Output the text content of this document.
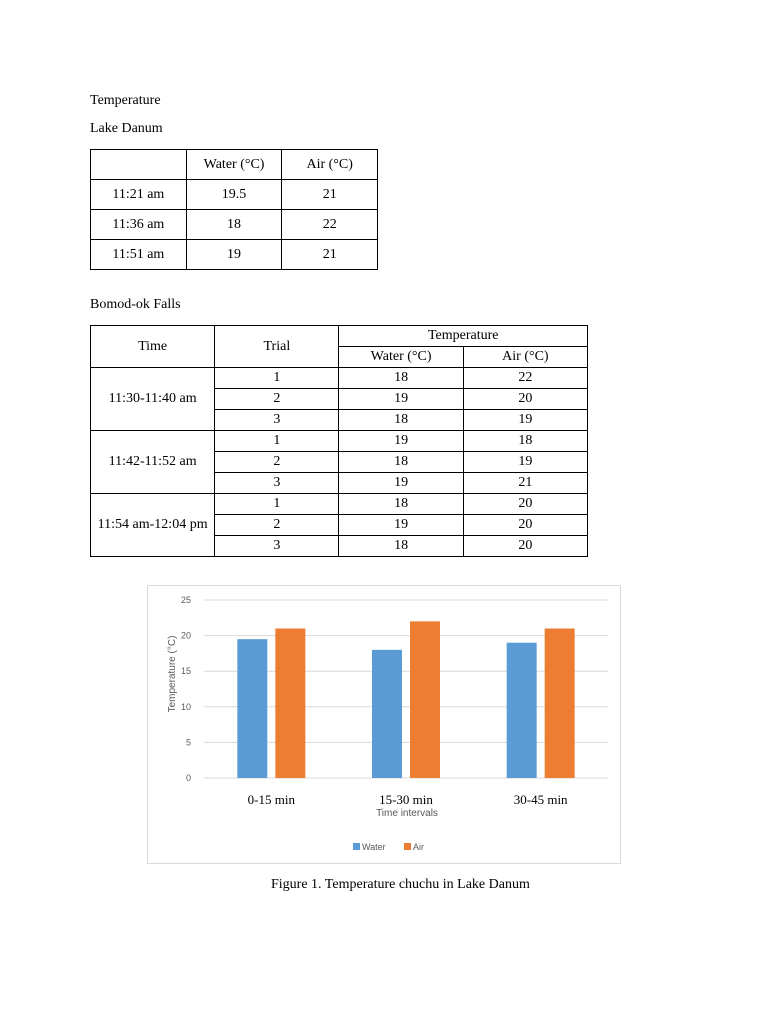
Temperature
Lake Danum
	Water (°C)	Air (°C)
11:21 am	19.5	21
11:36 am	18	22
11:51 am	19	21
Bomod-ok Falls
Time	Trial	Temperature	
		Water (°C)	Air (°C)
11:30-11:40 am	1	18	22
	2	19	20
	3	18	19
11:42-11:52 am	1	19	18
	2	18	19
	3	19	21
11:54 am-12:04 pm	1	18	20
	2	19	20
	3	18	20
0
5
10
15
20
25
0-15 min	15-30 min	30-45 min
Temperature (°C)
Time intervals
Water	Air
Figure 1. Temperature chuchu in Lake Danum
